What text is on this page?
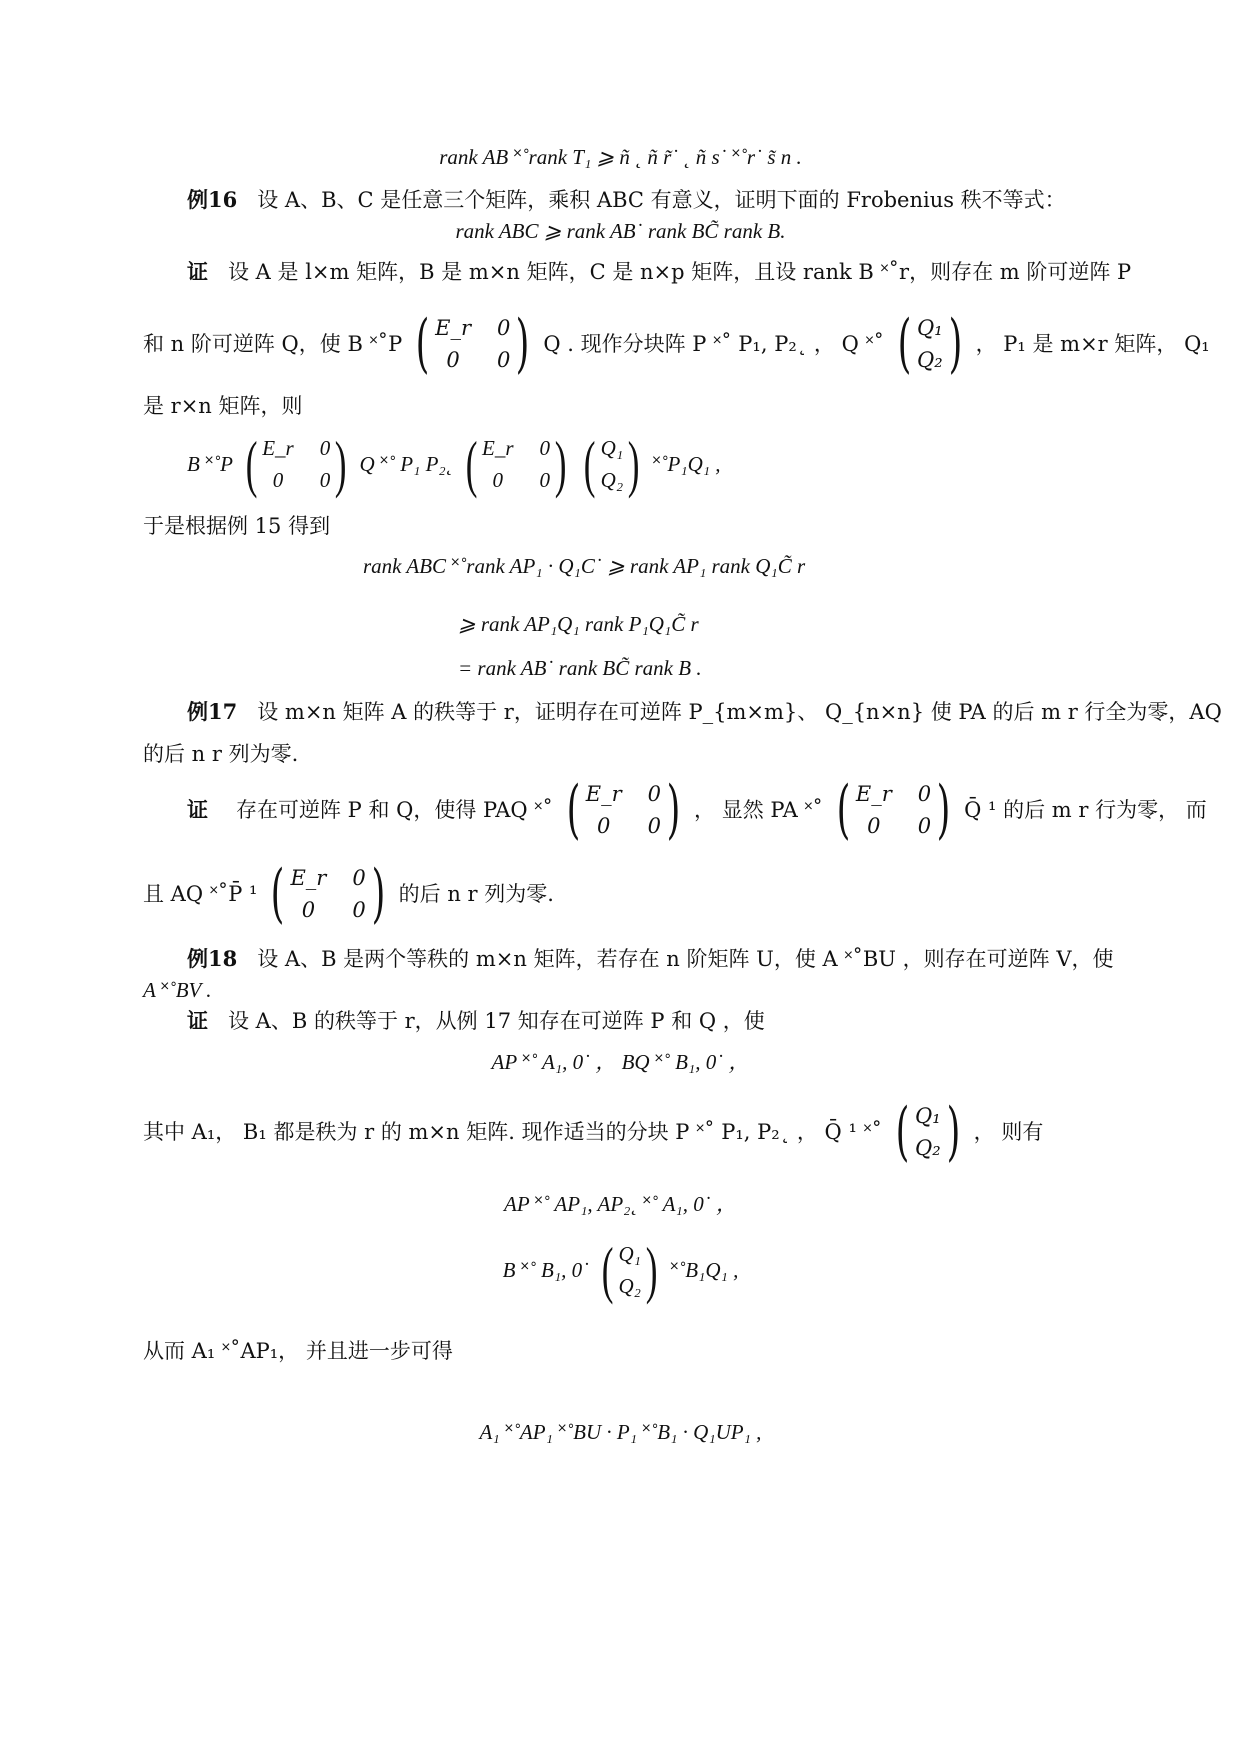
rank AB ˟˚rank T₁ ⩾ ñ ˛ ñ r̃˙ ˛ ñ s˙ ˟˚r˙ s̃ n .
例16 设 A、B、C 是任意三个矩阵，乘积 ABC 有意义，证明下面的 Frobenius 秩不等式：
rank ABC ⩾ rank AB˙ rank BC̃ rank B.
证 设 A 是 l×m 矩阵，B 是 m×n 矩阵，C 是 n×p 矩阵，且设 rank B ˟˚r，则存在 m 阶可逆阵 P
和 n 阶可逆阵 Q，使 B ˟˚P ( E_r 0
0	0 ) Q . 现作分块阵 P ˟˚ P₁, P₂˛ ， Q ˟˚ ( Q₁
Q₂ ) ， P₁ 是 m×r 矩阵， Q₁
是 r×n 矩阵，则
B ˟˚P ( E_r 0
0	0 ) Q ˟˚ P₁ P₂˛ ( E_r 0
0	0 ) ( Q₁
Q₂ ) ˟˚P₁Q₁ ,
于是根据例 15 得到
rank ABC ˟˚rank AP₁ · Q₁C˙ ⩾ rank AP₁ rank Q₁C̃ r
⩾ rank AP₁Q₁ rank P₁Q₁C̃ r
= rank AB˙ rank BC̃ rank B .
例17 设 m×n 矩阵 A 的秩等于 r，证明存在可逆阵 P_{m×m}、 Q_{n×n} 使 PA 的后 m r 行全为零，AQ
的后 n r 列为零.
证 存在可逆阵 P 和 Q，使得 PAQ ˟˚ ( E_r 0
0	0 ) ， 显然 PA ˟˚ ( E_r 0
0	0 ) Q̄ ¹ 的后 m r 行为零， 而
且 AQ ˟˚P̄ ¹ ( E_r 0
0	0 ) 的后 n r 列为零.
例18 设 A、B 是两个等秩的 m×n 矩阵，若存在 n 阶矩阵 U，使 A ˟˚BU ，则存在可逆阵 V，使
A ˟˚BV .
证 设 A、B 的秩等于 r，从例 17 知存在可逆阵 P 和 Q ，使
AP ˟˚ A₁, 0˙ ， BQ ˟˚ B₁, 0˙ ，
其中 A₁， B₁ 都是秩为 r 的 m×n 矩阵. 现作适当的分块 P ˟˚ P₁, P₂˛ ， Q̄ ¹ ˟˚ ( Q₁
Q₂ ) ， 则有
AP ˟˚ AP₁, AP₂˛ ˟˚ A₁, 0˙ ，
B ˟˚ B₁, 0˙ ( Q₁
Q₂ ) ˟˚B₁Q₁ ,
从而 A₁ ˟˚AP₁， 并且进一步可得
A₁ ˟˚AP₁ ˟˚BU · P₁ ˟˚B₁ · Q₁UP₁ ,
